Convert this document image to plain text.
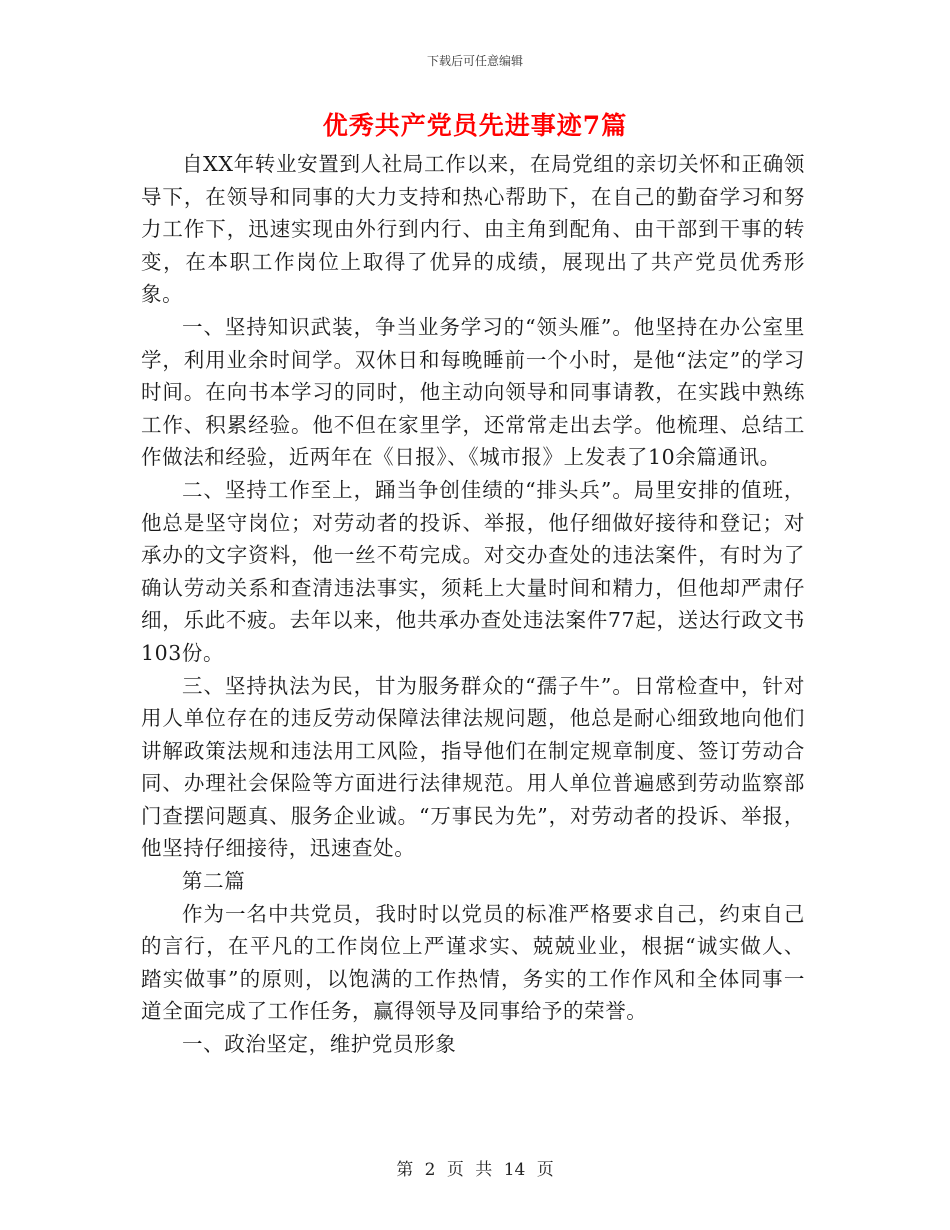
下载后可任意编辑
优秀共产党员先进事迹7篇

自XX年转业安置到人社局工作以来，在局党组的亲切关怀和正确领导下，在领导和同事的大力支持和热心帮助下，在自己的勤奋学习和努力工作下，迅速实现由外行到内行、由主角到配角、由干部到干事的转变，在本职工作岗位上取得了优异的成绩，展现出了共产党员优秀形象。

一、坚持知识武装，争当业务学习的“领头雁”。他坚持在办公室里学，利用业余时间学。双休日和每晚睡前一个小时，是他“法定”的学习时间。在向书本学习的同时，他主动向领导和同事请教，在实践中熟练工作、积累经验。他不但在家里学，还常常走出去学。他梳理、总结工作做法和经验，近两年在《日报》、《城市报》上发表了10余篇通讯。

二、坚持工作至上，踊当争创佳绩的“排头兵”。局里安排的值班，他总是坚守岗位；对劳动者的投诉、举报，他仔细做好接待和登记；对承办的文字资料，他一丝不苟完成。对交办查处的违法案件，有时为了确认劳动关系和查清违法事实，须耗上大量时间和精力，但他却严肃仔细，乐此不疲。去年以来，他共承办查处违法案件77起，送达行政文书103份。

三、坚持执法为民，甘为服务群众的“孺子牛”。日常检查中，针对用人单位存在的违反劳动保障法律法规问题，他总是耐心细致地向他们讲解政策法规和违法用工风险，指导他们在制定规章制度、签订劳动合同、办理社会保险等方面进行法律规范。用人单位普遍感到劳动监察部门查摆问题真、服务企业诚。“万事民为先”，对劳动者的投诉、举报，他坚持仔细接待，迅速查处。

第二篇

作为一名中共党员，我时时以党员的标准严格要求自己，约束自己的言行，在平凡的工作岗位上严谨求实、兢兢业业，根据“诚实做人、踏实做事”的原则，以饱满的工作热情，务实的工作作风和全体同事一道全面完成了工作任务，赢得领导及同事给予的荣誉。

一、政治坚定，维护党员形象

第 2 页 共 14 页
